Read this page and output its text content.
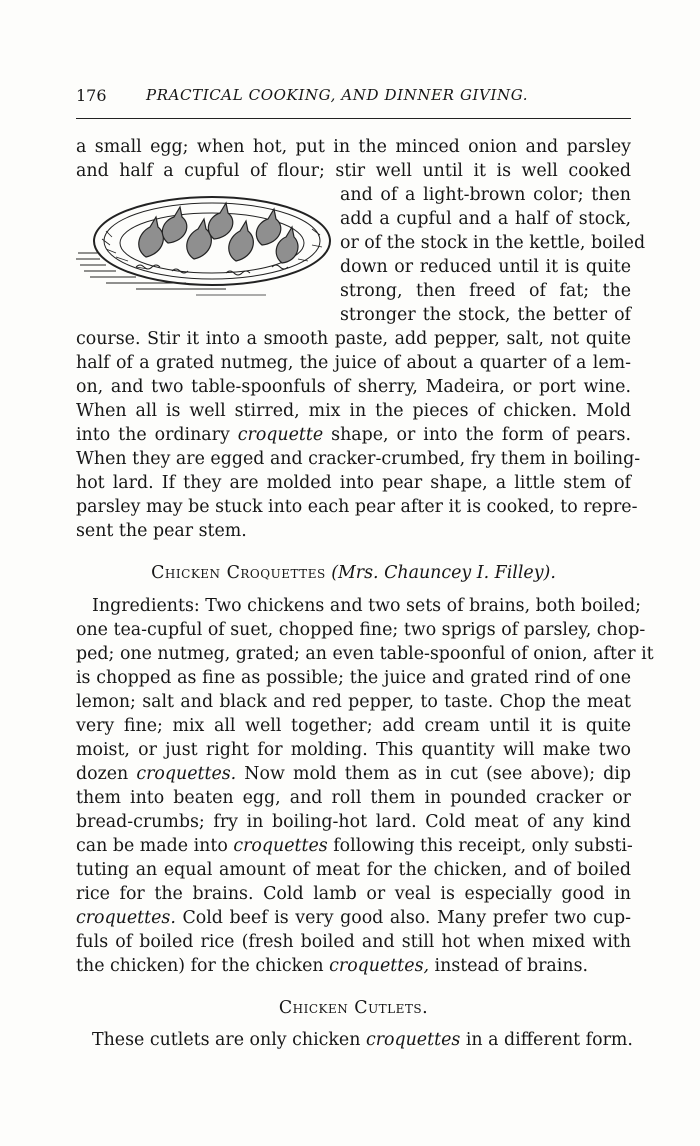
176	PRACTICAL COOKING, AND DINNER GIVING.
a small egg; when hot, put in the minced onion and parsley
and half a cupful of flour; stir well until it is well cooked
and of a light-brown color; then
add a cupful and a half of stock,
or of the stock in the kettle, boiled
down or reduced until it is quite
strong, then freed of fat; the
stronger the stock, the better of
course. Stir it into a smooth paste, add pepper, salt, not quite
half of a grated nutmeg, the juice of about a quarter of a lem-
on, and two table-spoonfuls of sherry, Madeira, or port wine.
When all is well stirred, mix in the pieces of chicken. Mold
into the ordinary croquette shape, or into the form of pears.
When they are egged and cracker-crumbed, fry them in boiling-
hot lard. If they are molded into pear shape, a little stem of
parsley may be stuck into each pear after it is cooked, to repre-
sent the pear stem.
Chicken Croquettes (Mrs. Chauncey I. Filley).
Ingredients: Two chickens and two sets of brains, both boiled;
one tea-cupful of suet, chopped fine; two sprigs of parsley, chop-
ped; one nutmeg, grated; an even table-spoonful of onion, after it
is chopped as fine as possible; the juice and grated rind of one
lemon; salt and black and red pepper, to taste. Chop the meat
very fine; mix all well together; add cream until it is quite
moist, or just right for molding. This quantity will make two
dozen croquettes. Now mold them as in cut (see above); dip
them into beaten egg, and roll them in pounded cracker or
bread-crumbs; fry in boiling-hot lard. Cold meat of any kind
can be made into croquettes following this receipt, only substi-
tuting an equal amount of meat for the chicken, and of boiled
rice for the brains. Cold lamb or veal is especially good in
croquettes. Cold beef is very good also. Many prefer two cup-
fuls of boiled rice (fresh boiled and still hot when mixed with
the chicken) for the chicken croquettes, instead of brains.
Chicken Cutlets.
These cutlets are only chicken croquettes in a different form.
